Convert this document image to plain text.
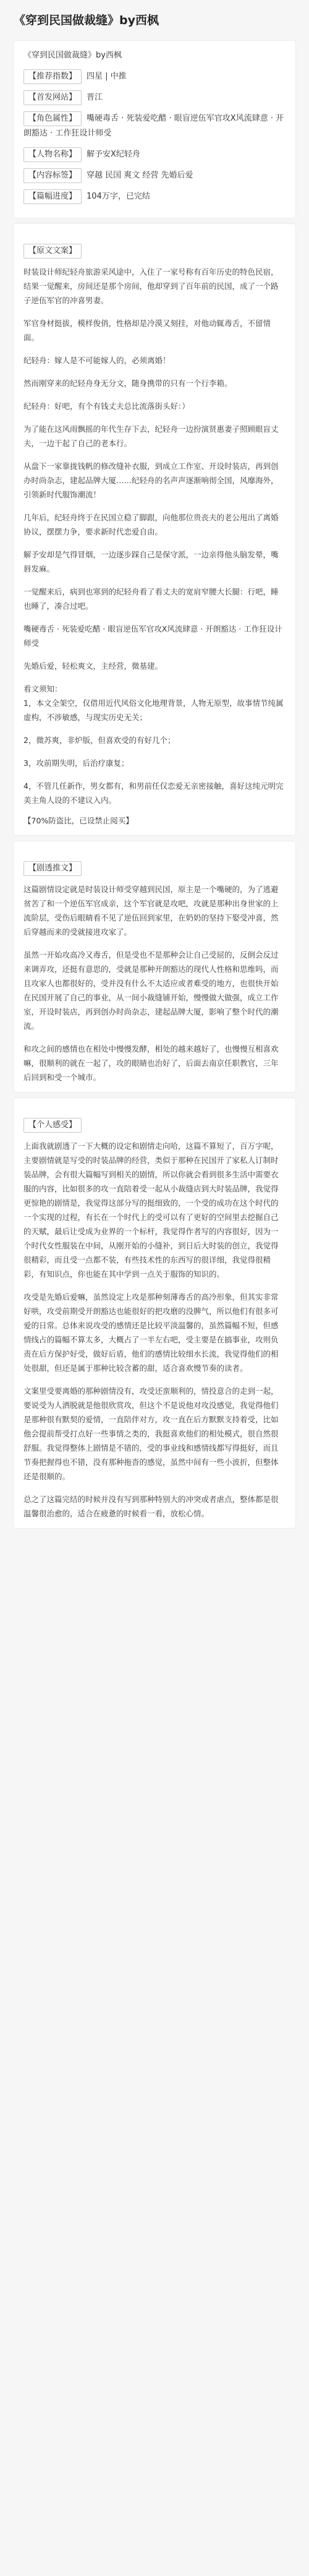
《穿到民国做裁缝》by西枫

《穿到民国做裁缝》by西枫

【推荐指数】 四星 | 中推
【首发网站】 晋江
【角色属性】 嘴硬毒舌 · 死装爱吃醋 · 眼盲逆伍军官攻X风流肆意 · 开朗豁达 · 工作狂设计师受
【人物名称】 解予安X纪轻舟
【内容标签】 穿越 民国 爽文 经营 先婚后爱
【篇幅进度】 104万字，已完结
【原文文案】

时装设计师纪轻舟旅游采风途中，入住了一家号称有百年历史的特色民宿，结果一觉醒来，房间还是那个房间，他却穿到了百年前的民国，成了一个路子逆伍军官的冲喜男妻。

军官身材挺拔，模样俊俏，性格却是冷漠又刻挂，对他动辄毒舌，不留情面。

纪轻舟：嫁人是不可能嫁人的，必须离婚！

然而刚穿来的纪轻舟身无分文，随身携带的只有一个行李箱。

纪轻舟：好吧，有个有钱丈夫总比流落街头好：）

为了能在这风雨飘摇的年代生存下去，纪轻舟一边扮演贤惠妻子照顾眼盲丈夫，一边干起了自己的老本行。

从盘下一家靠拢钱帆的修改缝补衣服，到成立工作室、开设时装店，再到创办时尚杂志，建起品牌大厦……纪轻舟的名声声逐渐响彻全国，风靡海外，引领新时代服饰潮流！

几年后，纪轻舟终于在民国立稳了脚跟，向他那位贵丧夫的老公甩出了离婚协议，摆摆力争，要求新时代恋爱自由。

解予安却是气得冒烟，一边逐步踩自己是保守派，一边亲得他头脑发晕，嘴唇发麻。

一觉醒来后，病到也寒到的纪轻舟看了看丈夫的宽肩窄腰大长腿：行吧，睡也睡了，凑合过吧。

嘴硬毒舌 · 死装爱吃醋 · 眼盲逆伍军官攻X风流肆意 · 开朗豁达 · 工作狂设计师受

先婚后爱，轻松爽文，主经营，微基建。

看文须知：

1，本文全架空，仅借用近代风俗文化地理背景，人物无原型，故事情节纯属虚构，不涉敏感，与现实历史无关；

2，微苏爽，非炉版，但喜欢受的有好几个；

3，攻前期失明，后治疗康复；

4，不管几任新作，男女都有，和男前任仅恋爱无亲密接触，喜好这纯元明完美主角人设的不建议入内。

【70%防盗比，已设禁止阅买】

【剧透推文】

这篇剧情设定就是时装设计师受穿越到民国，原主是一个嘴硬的，为了逃避贫苦了和一个逆伍军官成亲，这个军官就是攻吧，攻就是那种出身世家的上流阶层，受伤后眼睛看不见了逆伍回到家里，在奶奶的坚持下娶受冲喜，然后穿越而来的受就接进攻家了。

虽然一开始攻高冷又毒舌，但是受也不是那种会让自己受屈的，反倒会反过来调弄攻，还挺有意思的，受就是那种开朗豁达的现代人性格和思维吗，而且攻家人也都很好的，受并没有什么不太适应或者难受的地方，也很快开始在民国开展了自己的事业，从一间小裁缝铺开始，慢慢做大做强，成立工作室，开设时装店，再到创办时尚杂志，建起品牌大厦，影响了整个时代的潮流。

和攻之间的感情也在相处中慢慢发酵，相处的越来越好了，也慢慢互相喜欢嘛，很顺利的就在一起了，攻的眼睛也治好了，后面去南京任职教官，三年后回到和受一个城市。

【个人感受】

上面我就剧透了一下大概的设定和剧情走向哈，这篇不算短了，百万字呢，主要剧情就是写受的时装品牌的经营，类似于那种在民国开了家私人订制时装品牌，会有很大篇幅写到相关的剧情，所以你就会看到很多生活中需要衣服的内容，比如很多的攻一直陪着受一起从小裁缝店到大时装品牌，我觉得更惊艳的剧情是，我觉得这部分写的挺细致的，一个受的成功在这个时代的一个实现的过程，有长在一个时代上的受可以有了更好的空间里去挖掘自己的天赋，最后让受成为业界的一个标杆，我觉得作者写的内容很好，因为一个时代女性服装在中间，从刚开始的小缝补，到日后大时装的创立，我觉得很精彩，而且受一点都不装，有些技术性的东西写的很详细，我觉得很精彩，有知识点，你也能在其中学到一点关于服饰的知识的。

攻受是先婚后爱嘛，虽然设定上攻是那种刻薄毒舌的高冷形象，但其实非常好哄，攻受前期受开朗豁达也能很好的把攻磨的没脾气，所以他们有很多可爱的日常。总体来说攻受的感情还是比较平淡温馨的，虽然篇幅不短，但感情线占的篇幅不算太多，大概占了一半左右吧，受主要是在搞事业，攻则负责在后方保护好受，做好后盾，他们的感情比较细水长流，我觉得他们的相处很甜，但还是属于那种比较含蓄的甜，适合喜欢慢节奏的读者。

文案里受要离婚的那种剧情没有，攻受还蛮顺利的，情投意合的走到一起，要说受为人洒脱就是他很欣赏攻，但这个不是说他对攻没感觉，我觉得他们是那种很有默契的爱情，一直陪伴对方，攻一直在后方默默支持着受，比如他会提前帮受打点好一些事情之类的，我挺喜欢他们的相处模式，很自然很舒服。我觉得整体上剧情是不错的，受的事业线和感情线都写得挺好，而且节奏把握得也不错，没有那种拖沓的感觉，虽然中间有一些小波折，但整体还是很顺的。

总之了这篇完结的时候并没有写到那种特别大的冲突或者虐点，整体都是很温馨很治愈的，适合在疲惫的时候看一看，放松心情。
